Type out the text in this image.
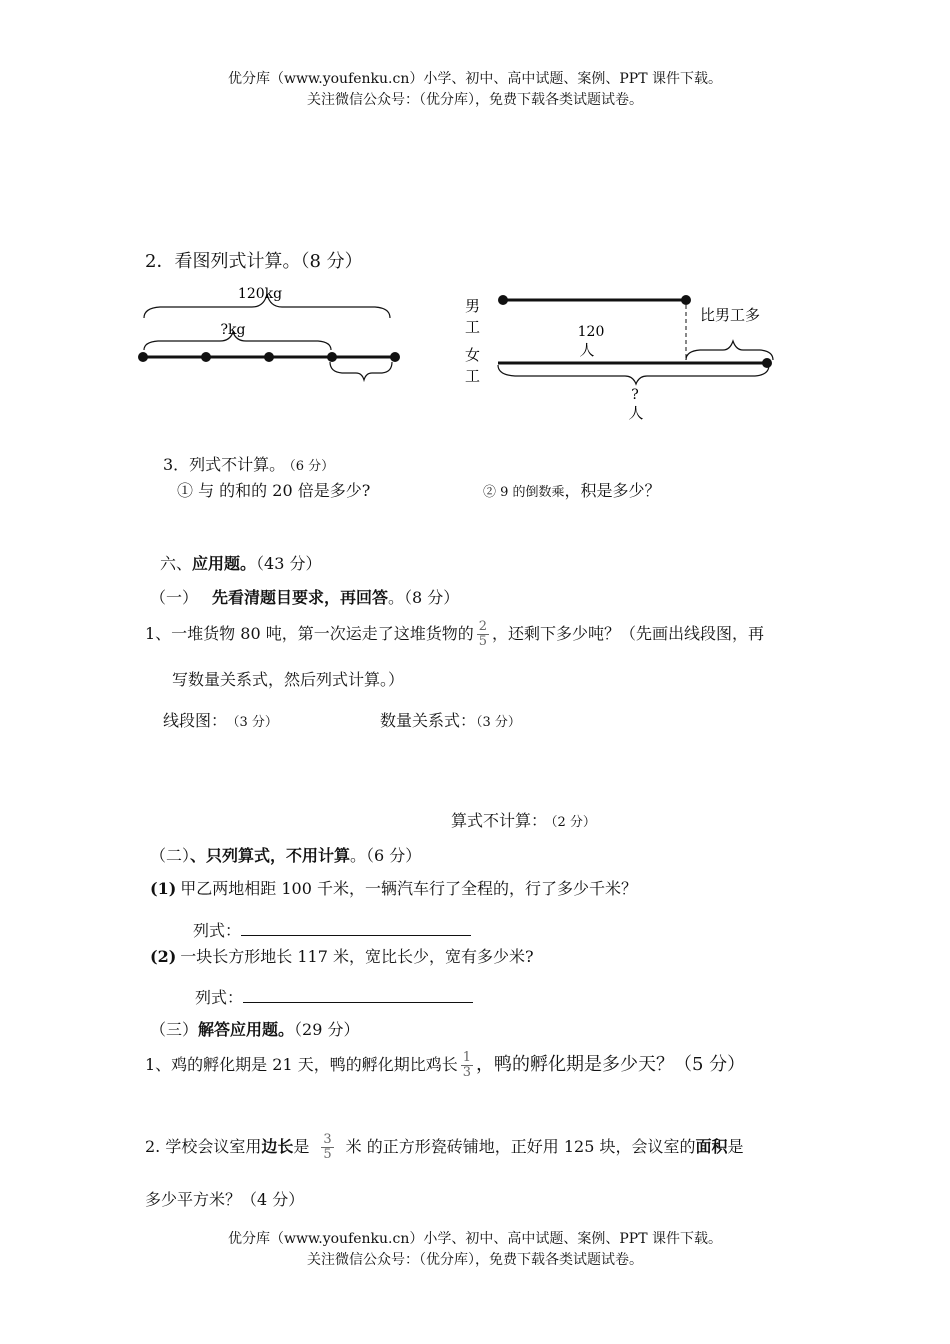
优分库（www.youfenku.cn）小学、初中、高中试题、案例、PPT 课件下载。
关注微信公众号：（优分库），免费下载各类试题试卷。
2．看图列式计算。（8 分）
120kg
?kg
男
工
女
工
比男工多
120
人
?
人
3．列式不计算。 （6 分）
① 与 的和的 20 倍是多少?	② 9 的倒数乘，积是多少？
六、应用题。（43 分）
（一） 先看清题目要求，再回答。（8 分）
1、一堆货物 80 吨，第一次运走了这堆货物的 $\frac{2}{5}$ ，还剩下多少吨？（先画出线段图，再
写数量关系式，然后列式计算。）
线段图： （3 分）	数量关系式：（3 分）
算式不计算： （2 分）
（二）、只列算式，不用计算。（6 分）
(1) 甲乙两地相距 100 千米，一辆汽车行了全程的，行了多少千米？
列式：
(2) 一块长方形地长 117 米，宽比长少，宽有多少米?
列式：
（三）解答应用题。（29 分）
1、鸡的孵化期是 21 天，鸭的孵化期比鸡长 $\frac{1}{3}$ ，鸭的孵化期是多少天？（5 分）
2. 学校会议室用边长是 $\frac{3}{5}$ 米 的正方形瓷砖铺地，正好用 125 块，会议室的面积是
多少平方米？（4 分）
优分库（www.youfenku.cn）小学、初中、高中试题、案例、PPT 课件下载。
关注微信公众号：（优分库），免费下载各类试题试卷。
